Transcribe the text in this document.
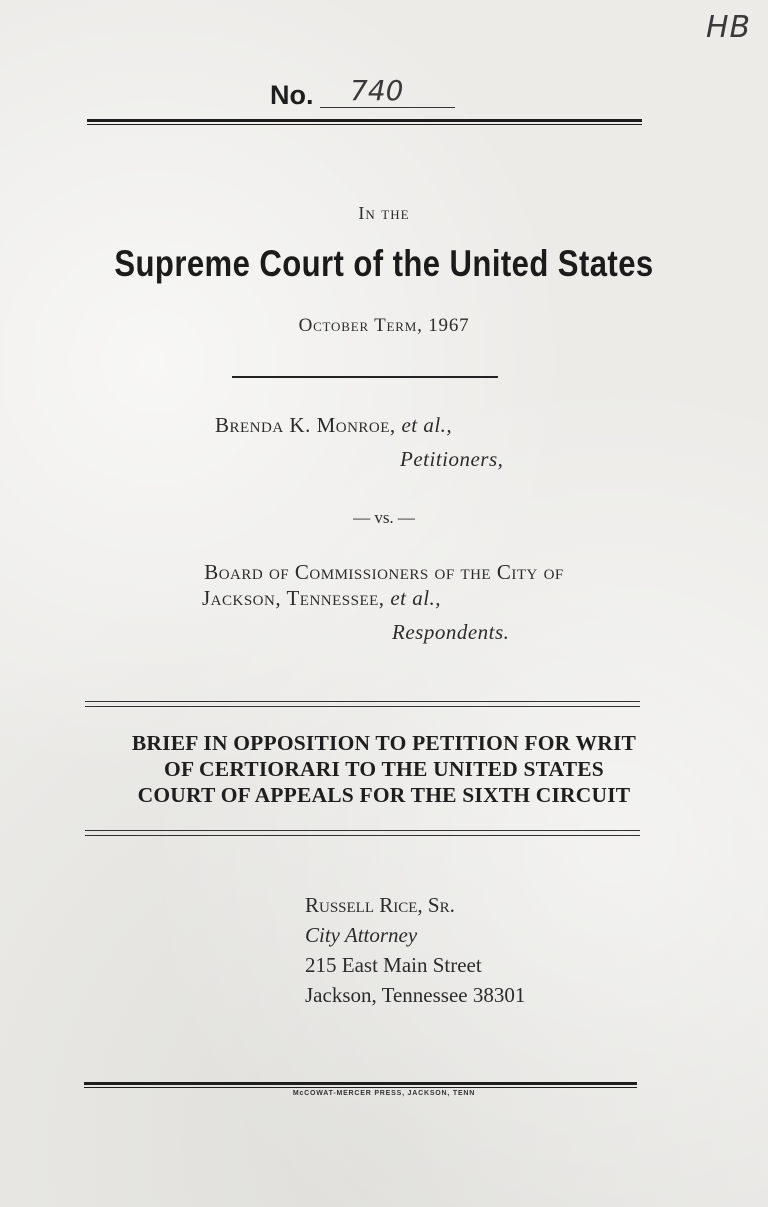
HB
No. 740
In the
Supreme Court of the United States
October Term, 1967
Brenda K. Monroe, et al.,
Petitioners,
— vs. —
Board of Commissioners of the City of
Jackson, Tennessee, et al.,
Respondents.
BRIEF IN OPPOSITION TO PETITION FOR WRIT
OF CERTIORARI TO THE UNITED STATES
COURT OF APPEALS FOR THE SIXTH CIRCUIT
Russell Rice, Sr.
City Attorney
215 East Main Street
Jackson, Tennessee 38301
McCOWAT-MERCER PRESS, JACKSON, TENN
